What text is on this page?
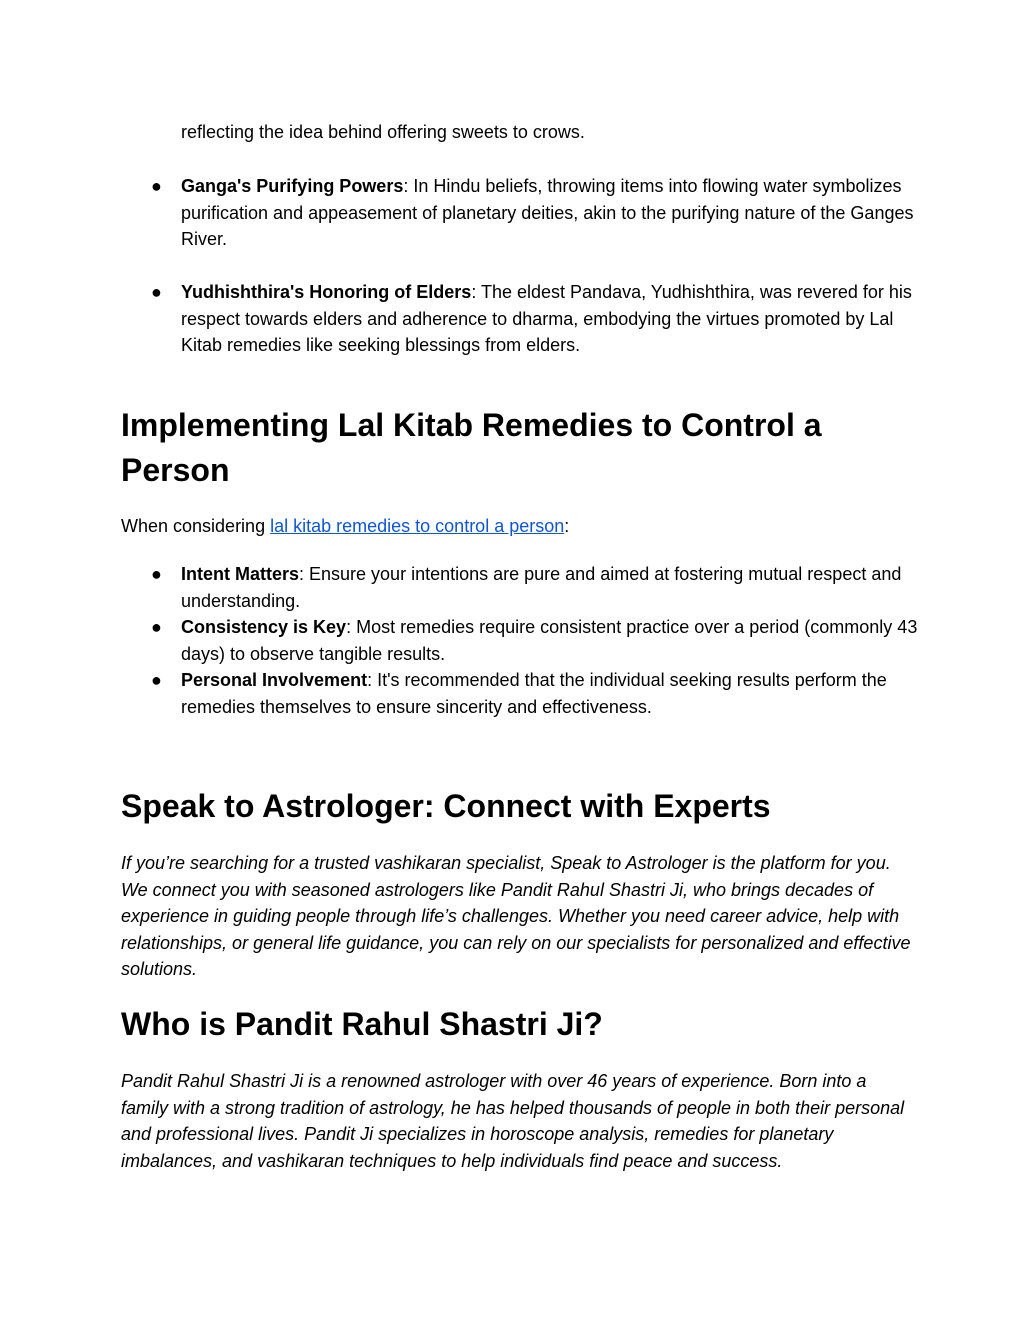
reflecting the idea behind offering sweets to crows.

● Ganga's Purifying Powers: In Hindu beliefs, throwing items into flowing water symbolizes purification and appeasement of planetary deities, akin to the purifying nature of the Ganges River.
● Yudhishthira's Honoring of Elders: The eldest Pandava, Yudhishthira, was revered for his respect towards elders and adherence to dharma, embodying the virtues promoted by Lal Kitab remedies like seeking blessings from elders.
Implementing Lal Kitab Remedies to Control a Person

When considering lal kitab remedies to control a person:

● Intent Matters: Ensure your intentions are pure and aimed at fostering mutual respect and understanding.
● Consistency is Key: Most remedies require consistent practice over a period (commonly 43 days) to observe tangible results.
● Personal Involvement: It's recommended that the individual seeking results perform the remedies themselves to ensure sincerity and effectiveness.
Speak to Astrologer: Connect with Experts

If you’re searching for a trusted vashikaran specialist, Speak to Astrologer is the platform for you. We connect you with seasoned astrologers like Pandit Rahul Shastri Ji, who brings decades of experience in guiding people through life’s challenges. Whether you need career advice, help with relationships, or general life guidance, you can rely on our specialists for personalized and effective solutions.

Who is Pandit Rahul Shastri Ji?

Pandit Rahul Shastri Ji is a renowned astrologer with over 46 years of experience. Born into a family with a strong tradition of astrology, he has helped thousands of people in both their personal and professional lives. Pandit Ji specializes in horoscope analysis, remedies for planetary imbalances, and vashikaran techniques to help individuals find peace and success.
